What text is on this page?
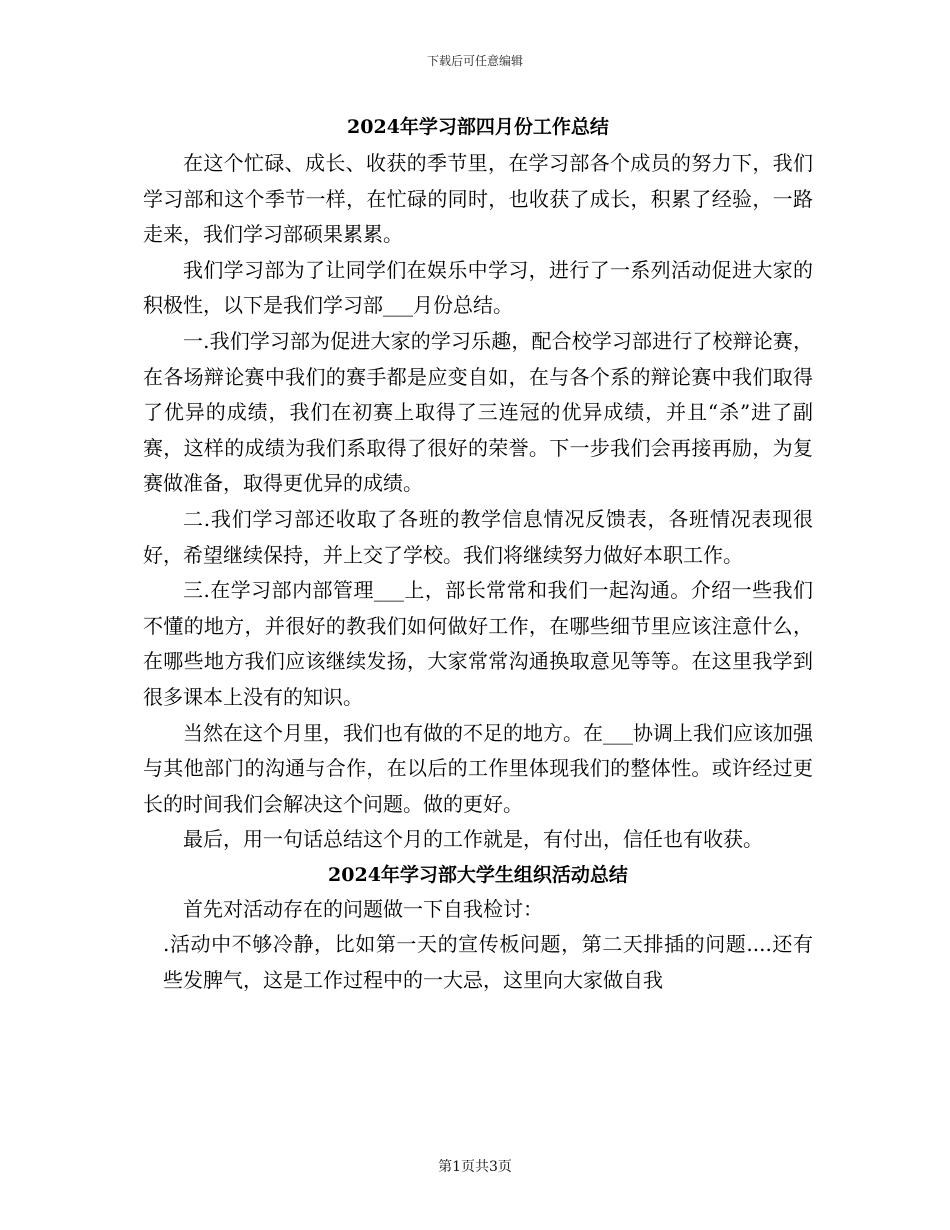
下载后可任意编辑
2024年学习部四月份工作总结

在这个忙碌、成长、收获的季节里，在学习部各个成员的努力下，我们学习部和这个季节一样，在忙碌的同时，也收获了成长，积累了经验，一路走来，我们学习部硕果累累。

我们学习部为了让同学们在娱乐中学习，进行了一系列活动促进大家的积极性，以下是我们学习部___月份总结。

一.我们学习部为促进大家的学习乐趣，配合校学习部进行了校辩论赛，在各场辩论赛中我们的赛手都是应变自如，在与各个系的辩论赛中我们取得了优异的成绩，我们在初赛上取得了三连冠的优异成绩，并且“杀”进了副赛，这样的成绩为我们系取得了很好的荣誉。下一步我们会再接再励，为复赛做准备，取得更优异的成绩。

二.我们学习部还收取了各班的教学信息情况反馈表，各班情况表现很好，希望继续保持，并上交了学校。我们将继续努力做好本职工作。

三.在学习部内部管理___上，部长常常和我们一起沟通。介绍一些我们不懂的地方，并很好的教我们如何做好工作，在哪些细节里应该注意什么，在哪些地方我们应该继续发扬，大家常常沟通换取意见等等。在这里我学到很多课本上没有的知识。

当然在这个月里，我们也有做的不足的地方。在___协调上我们应该加强与其他部门的沟通与合作，在以后的工作里体现我们的整体性。或许经过更长的时间我们会解决这个问题。做的更好。

最后，用一句话总结这个月的工作就是，有付出，信任也有收获。

2024年学习部大学生组织活动总结

首先对活动存在的问题做一下自我检讨：

.活动中不够冷静，比如第一天的宣传板问题，第二天排插的问题....还有些发脾气，这是工作过程中的一大忌，这里向大家做自我

第1页共3页
